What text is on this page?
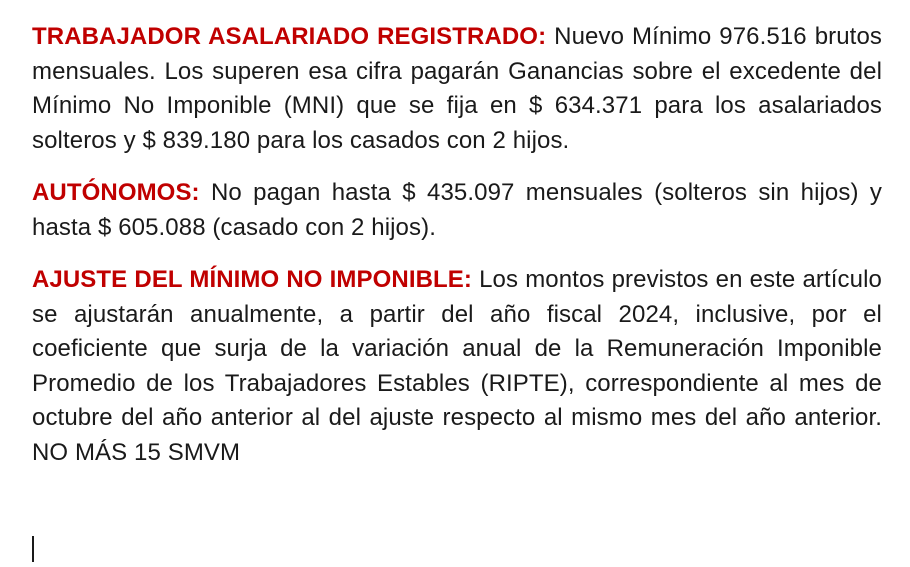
TRABAJADOR ASALARIADO REGISTRADO: Nuevo Mínimo 976.516 brutos mensuales. Los superen esa cifra pagarán Ganancias sobre el excedente del Mínimo No Imponible (MNI) que se fija en $ 634.371 para los asalariados solteros y $ 839.180 para los casados con 2 hijos.

AUTÓNOMOS: No pagan hasta $ 435.097 mensuales (solteros sin hijos) y hasta $ 605.088 (casado con 2 hijos).

AJUSTE DEL MÍNIMO NO IMPONIBLE: Los montos previstos en este artículo se ajustarán anualmente, a partir del año fiscal 2024, inclusive, por el coeficiente que surja de la variación anual de la Remuneración Imponible Promedio de los Trabajadores Estables (RIPTE), correspondiente al mes de octubre del año anterior al del ajuste respecto al mismo mes del año anterior. NO MÁS 15 SMVM
